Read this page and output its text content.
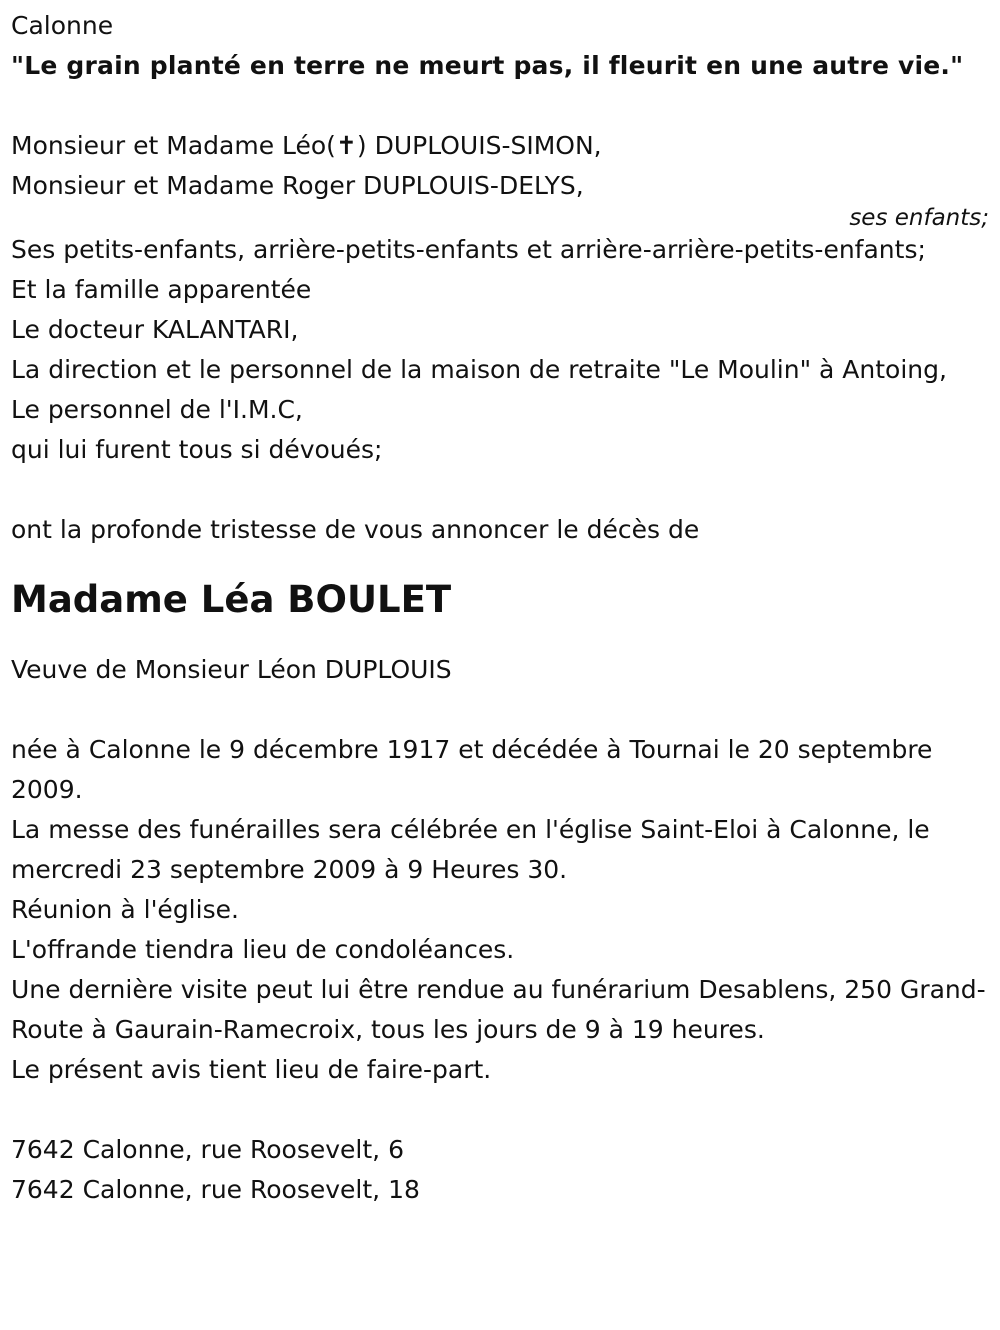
Calonne
"Le grain planté en terre ne meurt pas, il fleurit en une autre vie."
Monsieur et Madame Léo(✝) DUPLOUIS-SIMON,
Monsieur et Madame Roger DUPLOUIS-DELYS,
ses enfants;
Ses petits-enfants, arrière-petits-enfants et arrière-arrière-petits-enfants;
Et la famille apparentée
Le docteur KALANTARI,
La direction et le personnel de la maison de retraite "Le Moulin" à Antoing,
Le personnel de l'I.M.C,
qui lui furent tous si dévoués;
ont la profonde tristesse de vous annoncer le décès de
Madame Léa BOULET
Veuve de Monsieur Léon DUPLOUIS
née à Calonne le 9 décembre 1917 et décédée à Tournai le 20 septembre 2009.
La messe des funérailles sera célébrée en l'église Saint-Eloi à Calonne, le mercredi 23 septembre 2009 à 9 Heures 30.
Réunion à l'église.
L'offrande tiendra lieu de condoléances.
Une dernière visite peut lui être rendue au funérarium Desablens, 250 Grand-Route à Gaurain-Ramecroix, tous les jours de 9 à 19 heures.
Le présent avis tient lieu de faire-part.
7642 Calonne, rue Roosevelt, 6
7642 Calonne, rue Roosevelt, 18
